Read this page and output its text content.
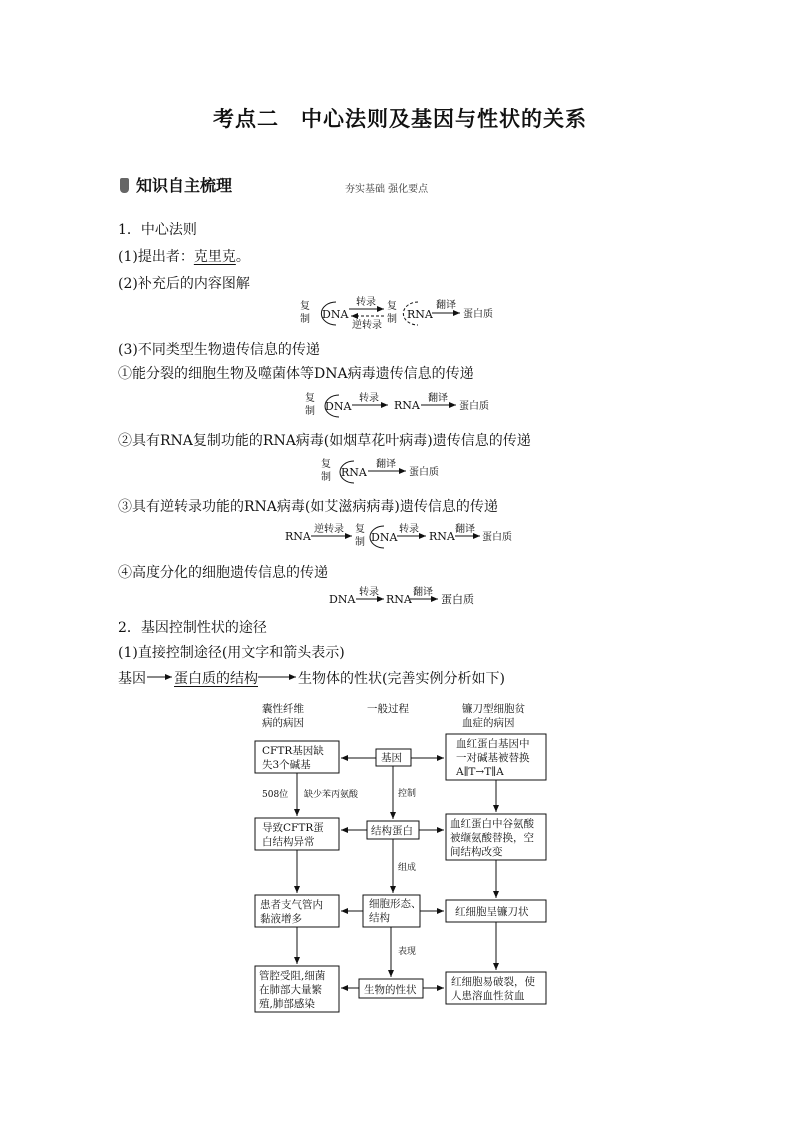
考点二　中心法则及基因与性状的关系
知识自主梳理	夯实基础 强化要点
1．中心法则
(1)提出者：克里克。
(2)补充后的内容图解
复
制 DNA
转录
逆转录
复
制 RNA
翻译
蛋白质
复
制 DNA
转录
RNA
翻译
蛋白质
复
制 RNA
翻译
蛋白质
RNA
逆转录 复
制 DNA
转录
RNA
翻译
蛋白质
DNA
转录
RNA
翻译
蛋白质
囊性纤维
病的病因
一般过程	镰刀型细胞贫
血症的病因
基因
结构蛋白
细胞形态、
结构
生物的性状
控制
组成
表现
CFTR基因缺
失3个碱基
导致CFTR蛋
白结构异常
患者支气管内
黏液增多
管腔受阻,细菌
在肺部大量繁
殖,肺部感染
508位 缺少苯丙氨酸
血红蛋白基因中
一对碱基被替换
A∥T→T∥A
血红蛋白中谷氨酸
被缬氨酸替换，空
间结构改变
红细胞呈镰刀状
红细胞易破裂，使
人患溶血性贫血
(3)不同类型生物遗传信息的传递
①能分裂的细胞生物及噬菌体等DNA病毒遗传信息的传递
②具有RNA复制功能的RNA病毒(如烟草花叶病毒)遗传信息的传递
③具有逆转录功能的RNA病毒(如艾滋病病毒)遗传信息的传递
④高度分化的细胞遗传信息的传递
2．基因控制性状的途径
(1)直接控制途径(用文字和箭头表示)
基因 蛋白质的结构	生物体的性状(完善实例分析如下)
